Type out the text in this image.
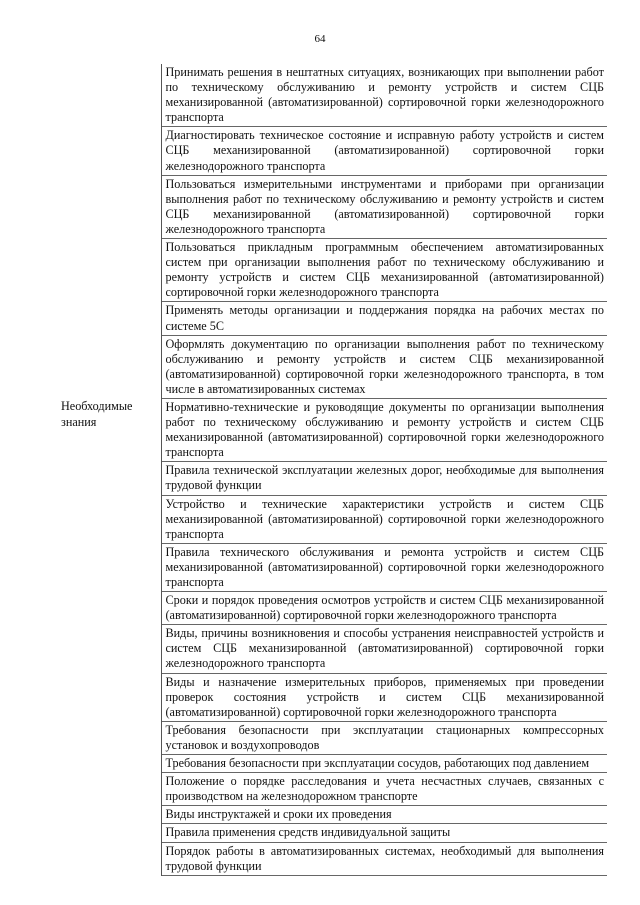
64
	Принимать решения в нештатных ситуациях, возникающих при выполнении работ по техническому обслуживанию и ремонту устройств и систем СЦБ механизированной (автоматизированной) сортировочной горки железнодорожного транспорта
	Диагностировать техническое состояние и исправную работу устройств и систем СЦБ механизированной (автоматизированной) сортировочной горки железнодорожного транспорта
	Пользоваться измерительными инструментами и приборами при организации выполнения работ по техническому обслуживанию и ремонту устройств и систем СЦБ механизированной (автоматизированной) сортировочной горки железнодорожного транспорта
	Пользоваться прикладным программным обеспечением автоматизированных систем при организации выполнения работ по техническому обслуживанию и ремонту устройств и систем СЦБ механизированной (автоматизированной) сортировочной горки железнодорожного транспорта
	Применять методы организации и поддержания порядка на рабочих местах по системе 5С
	Оформлять документацию по организации выполнения работ по техническому обслуживанию и ремонту устройств и систем СЦБ механизированной (автоматизированной) сортировочной горки железнодорожного транспорта, в том числе в автоматизированных системах
Необходимые знания	Нормативно-технические и руководящие документы по организации выполнения работ по техническому обслуживанию и ремонту устройств и систем СЦБ механизированной (автоматизированной) сортировочной горки железнодорожного транспорта
	Правила технической эксплуатации железных дорог, необходимые для выполнения трудовой функции
	Устройство и технические характеристики устройств и систем СЦБ механизированной (автоматизированной) сортировочной горки железнодорожного транспорта
	Правила технического обслуживания и ремонта устройств и систем СЦБ механизированной (автоматизированной) сортировочной горки железнодорожного транспорта
	Сроки и порядок проведения осмотров устройств и систем СЦБ механизированной (автоматизированной) сортировочной горки железнодорожного транспорта
	Виды, причины возникновения и способы устранения неисправностей устройств и систем СЦБ механизированной (автоматизированной) сортировочной горки железнодорожного транспорта
	Виды и назначение измерительных приборов, применяемых при проведении проверок состояния устройств и систем СЦБ механизированной (автоматизированной) сортировочной горки железнодорожного транспорта
	Требования безопасности при эксплуатации стационарных компрессорных установок и воздухопроводов
	Требования безопасности при эксплуатации сосудов, работающих под давлением
	Положение о порядке расследования и учета несчастных случаев, связанных с производством на железнодорожном транспорте
	Виды инструктажей и сроки их проведения
	Правила применения средств индивидуальной защиты
	Порядок работы в автоматизированных системах, необходимый для выполнения трудовой функции
